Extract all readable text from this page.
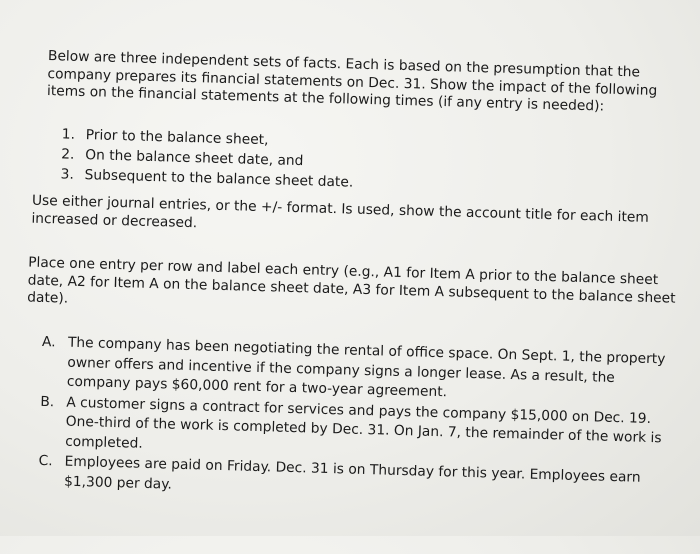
Below are three independent sets of facts. Each is based on the presumption that the company prepares its financial statements on Dec. 31. Show the impact of the following items on the financial statements at the following times (if any entry is needed):

1. Prior to the balance sheet,
2. On the balance sheet date, and
3. Subsequent to the balance sheet date.

Use either journal entries, or the +/- format. Is used, show the account title for each item increased or decreased.

Place one entry per row and label each entry (e.g., A1 for Item A prior to the balance sheet date, A2 for Item A on the balance sheet date, A3 for Item A subsequent to the balance sheet date).

A. The company has been negotiating the rental of office space. On Sept. 1, the property owner offers and incentive if the company signs a longer lease. As a result, the company pays $60,000 rent for a two-year agreement.
B. A customer signs a contract for services and pays the company $15,000 on Dec. 19. One-third of the work is completed by Dec. 31. On Jan. 7, the remainder of the work is completed.
C. Employees are paid on Friday. Dec. 31 is on Thursday for this year. Employees earn $1,300 per day.
